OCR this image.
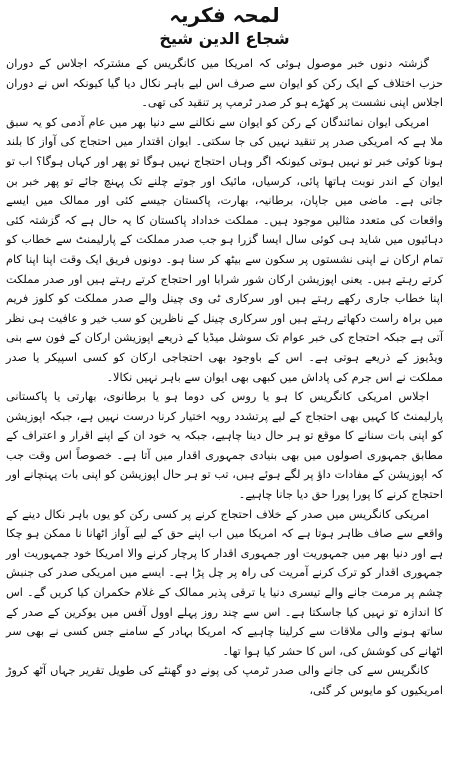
لمحہ فکریہ
شجاع الدین شیخ

گزشتہ دنوں خبر موصول ہوئی کہ امریکا میں کانگریس کے مشترکہ اجلاس کے دوران حزب اختلاف کے ایک رکن کو ایوان سے صرف اس لیے باہر نکال دیا گیا کیونکہ اس نے دوران اجلاس اپنی نشست پر کھڑے ہو کر صدر ٹرمپ پر تنقید کی تھی۔

امریکی ایوان نمائندگان کے رکن کو ایوان سے نکالنے سے دنیا بھر میں عام آدمی کو یہ سبق ملا ہے کہ امریکی صدر پر تنقید نہیں کی جا سکتی۔ ایوان اقتدار میں احتجاج کی آواز کا بلند ہونا کوئی خبر تو نہیں ہوتی کیونکہ اگر وہاں احتجاج نہیں ہوگا تو پھر اور کہاں ہوگا؟ اب تو ایوان کے اندر نوبت ہاتھا پائی، کرسیاں، مائیک اور جوتے چلنے تک پہنچ جائے تو پھر خبر بن جاتی ہے۔ ماضی میں جاپان، برطانیہ، بھارت، پاکستان جیسے کئی اور ممالک میں ایسے واقعات کی متعدد مثالیں موجود ہیں۔ مملکت خداداد پاکستان کا یہ حال ہے کہ گزشتہ کئی دہائیوں میں شاید ہی کوئی سال ایسا گزرا ہو جب صدر مملکت کے پارلیمنٹ سے خطاب کو تمام ارکان نے اپنی نشستوں پر سکون سے بیٹھ کر سنا ہو۔ دونوں فریق ایک وقت اپنا اپنا کام کرتے رہتے ہیں۔ یعنی اپوزیشن ارکان شور شرابا اور احتجاج کرتے رہتے ہیں اور صدر مملکت اپنا خطاب جاری رکھے رہتے ہیں اور سرکاری ٹی وی چینل والے صدر مملکت کو کلوز فریم میں براہ راست دکھاتے رہتے ہیں اور سرکاری چینل کے ناظرین کو سب خیر و عافیت ہی نظر آتی ہے جبکہ احتجاج کی خبر عوام تک سوشل میڈیا کے ذریعے اپوزیشن ارکان کے فون سے بنی ویڈیوز کے ذریعے ہوتی ہے۔ اس کے باوجود بھی احتجاجی ارکان کو کسی اسپیکر یا صدر مملکت نے اس جرم کی پاداش میں کبھی بھی ایوان سے باہر نہیں نکالا۔

اجلاس امریکی کانگریس کا ہو یا روس کی دوما ہو یا برطانوی، بھارتی یا پاکستانی پارلیمنٹ کا کہیں بھی احتجاج کے لیے پرتشدد رویہ اختیار کرنا درست نہیں ہے، جبکہ اپوزیشن کو اپنی بات سنانے کا موقع تو ہر حال دینا چاہیے، جبکہ یہ خود ان کے اپنے اقرار و اعتراف کے مطابق جمہوری اصولوں میں بھی بنیادی جمہوری اقدار میں آتا ہے۔ خصوصاً اس وقت جب کہ اپوزیشن کے مفادات داؤ پر لگے ہوئے ہیں، تب تو ہر حال اپوزیشن کو اپنی بات پہنچانے اور احتجاج کرنے کا پورا پورا حق دیا جانا چاہیے۔

امریکی کانگریس میں صدر کے خلاف احتجاج کرنے پر کسی رکن کو یوں باہر نکال دینے کے واقعے سے صاف ظاہر ہوتا ہے کہ امریکا میں اب اپنے حق کے لیے آواز اٹھانا نا ممکن ہو چکا ہے اور دنیا بھر میں جمہوریت اور جمہوری اقدار کا پرچار کرنے والا امریکا خود جمہوریت اور جمہوری اقدار کو ترک کرنے آمریت کی راہ پر چل پڑا ہے۔ ایسے میں امریکی صدر کی جنبش چشم پر مرمت جانے والے تیسری دنیا یا ترقی پذیر ممالک کے غلام حکمران کیا کریں گے۔ اس کا اندازہ تو نہیں کیا جاسکتا ہے۔ اس سے چند روز پہلے اوول آفس میں یوکرین کے صدر کے ساتھ ہونے والی ملاقات سے کرلینا چاہیے کہ امریکا بہادر کے سامنے جس کسی نے بھی سر اٹھانے کی کوشش کی، اس کا حشر کیا ہوا تھا۔

کانگریس سے کی جانے والی صدر ٹرمپ کی پونے دو گھنٹے کی طویل تقریر جہاں آٹھ کروڑ امریکیوں کو مایوس کر گئی،
